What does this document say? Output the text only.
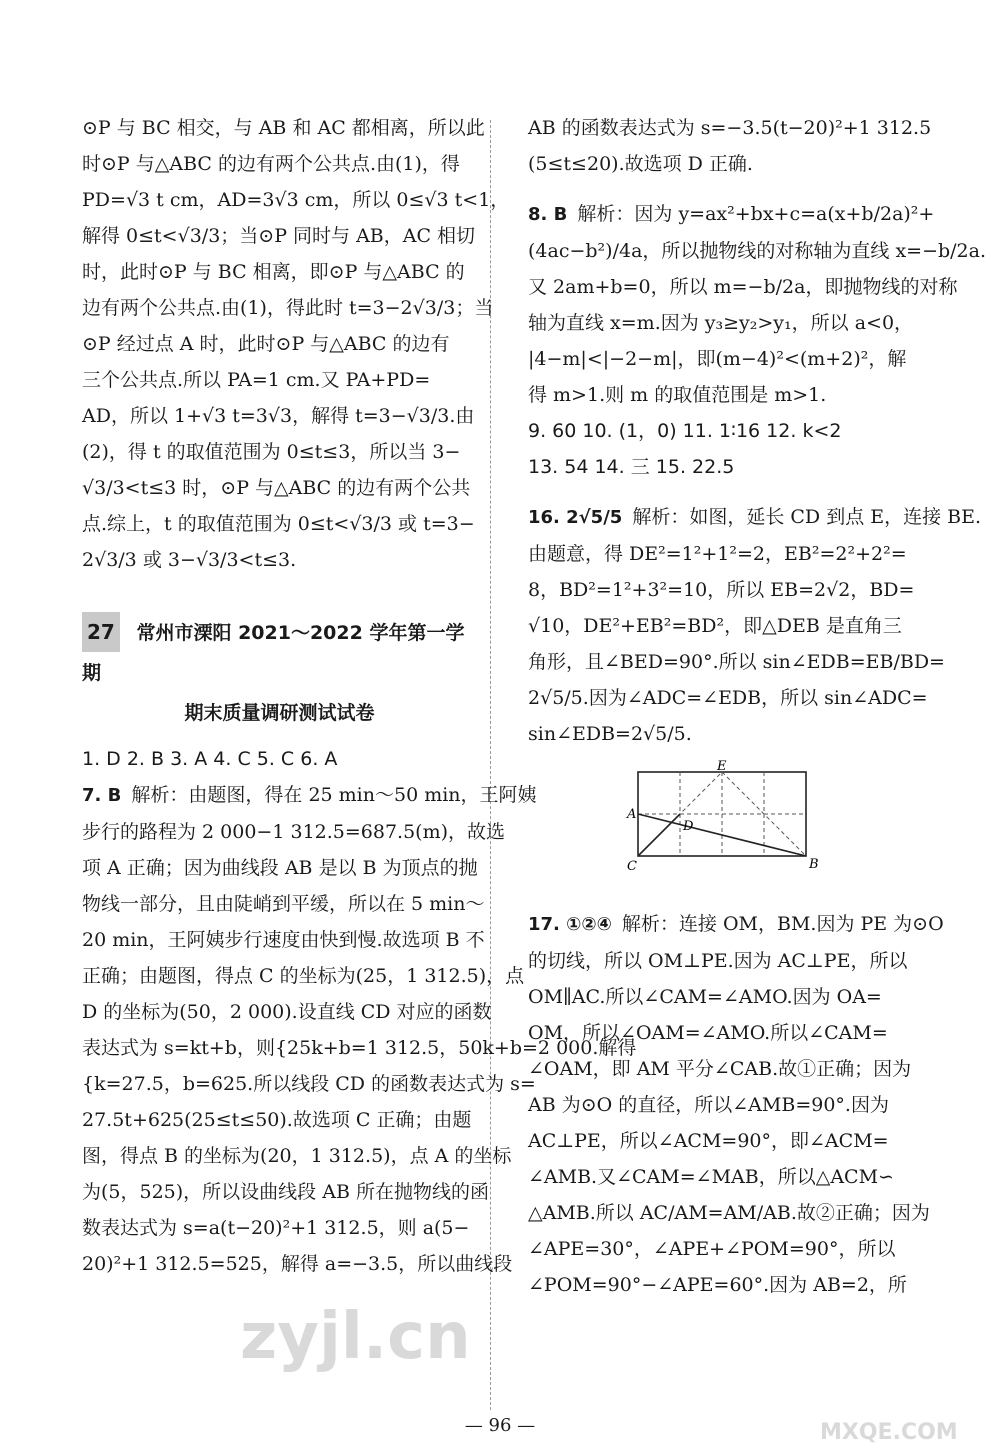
⊙P 与 BC 相交，与 AB 和 AC 都相离，所以此
时⊙P 与△ABC 的边有两个公共点.由(1)，得
PD=√3 t cm，AD=3√3 cm，所以 0≤√3 t<1，
解得 0≤t<√3/3；当⊙P 同时与 AB，AC 相切
时，此时⊙P 与 BC 相离，即⊙P 与△ABC 的
边有两个公共点.由(1)，得此时 t=3−2√3/3；当
⊙P 经过点 A 时，此时⊙P 与△ABC 的边有
三个公共点.所以 PA=1 cm.又 PA+PD=
AD，所以 1+√3 t=3√3，解得 t=3−√3/3.由
(2)，得 t 的取值范围为 0≤t≤3，所以当 3−
√3/3<t≤3 时，⊙P 与△ABC 的边有两个公共
点.综上，t 的取值范围为 0≤t<√3/3 或 t=3−
2√3/3 或 3−√3/3<t≤3.
27 常州市溧阳 2021～2022 学年第一学期
期末质量调研测试试卷
1. D 2. B 3. A 4. C 5. C 6. A
7. B 解析：由题图，得在 25 min～50 min，王阿姨
步行的路程为 2 000−1 312.5=687.5(m)，故选
项 A 正确；因为曲线段 AB 是以 B 为顶点的抛
物线一部分，且由陡峭到平缓，所以在 5 min～
20 min，王阿姨步行速度由快到慢.故选项 B 不
正确；由题图，得点 C 的坐标为(25，1 312.5)，点
D 的坐标为(50，2 000).设直线 CD 对应的函数
表达式为 s=kt+b，则{25k+b=1 312.5，50k+b=2 000.解得
{k=27.5，b=625.所以线段 CD 的函数表达式为 s=
27.5t+625(25≤t≤50).故选项 C 正确；由题
图，得点 B 的坐标为(20，1 312.5)，点 A 的坐标
为(5，525)，所以设曲线段 AB 所在抛物线的函
数表达式为 s=a(t−20)²+1 312.5，则 a(5−
20)²+1 312.5=525，解得 a=−3.5，所以曲线段
AB 的函数表达式为 s=−3.5(t−20)²+1 312.5
(5≤t≤20).故选项 D 正确.
8. B 解析：因为 y=ax²+bx+c=a(x+b/2a)²+
(4ac−b²)/4a，所以抛物线的对称轴为直线 x=−b/2a.
又 2am+b=0，所以 m=−b/2a，即抛物线的对称
轴为直线 x=m.因为 y₃≥y₂>y₁，所以 a<0，
|4−m|<|−2−m|，即(m−4)²<(m+2)²，解
得 m>1.则 m 的取值范围是 m>1.
9. 60 10. (1，0) 11. 1∶16 12. k<2
13. 54 14. 三 15. 22.5
16. 2√5/5 解析：如图，延长 CD 到点 E，连接 BE.
由题意，得 DE²=1²+1²=2，EB²=2²+2²=
8，BD²=1²+3²=10，所以 EB=2√2，BD=
√10，DE²+EB²=BD²，即△DEB 是直角三
角形，且∠BED=90°.所以 sin∠EDB=EB/BD=
2√5/5.因为∠ADC=∠EDB，所以 sin∠ADC=
sin∠EDB=2√5/5.
A
B
C
D
E
17. ①②④ 解析：连接 OM，BM.因为 PE 为⊙O
的切线，所以 OM⊥PE.因为 AC⊥PE，所以
OM∥AC.所以∠CAM=∠AMO.因为 OA=
OM，所以∠OAM=∠AMO.所以∠CAM=
∠OAM，即 AM 平分∠CAB.故①正确；因为
AB 为⊙O 的直径，所以∠AMB=90°.因为
AC⊥PE，所以∠ACM=90°，即∠ACM=
∠AMB.又∠CAM=∠MAB，所以△ACM∽
△AMB.所以 AC/AM=AM/AB.故②正确；因为
∠APE=30°，∠APE+∠POM=90°，所以
∠POM=90°−∠APE=60°.因为 AB=2，所
— 96 —
zyjl.cn
MXQE.COM
